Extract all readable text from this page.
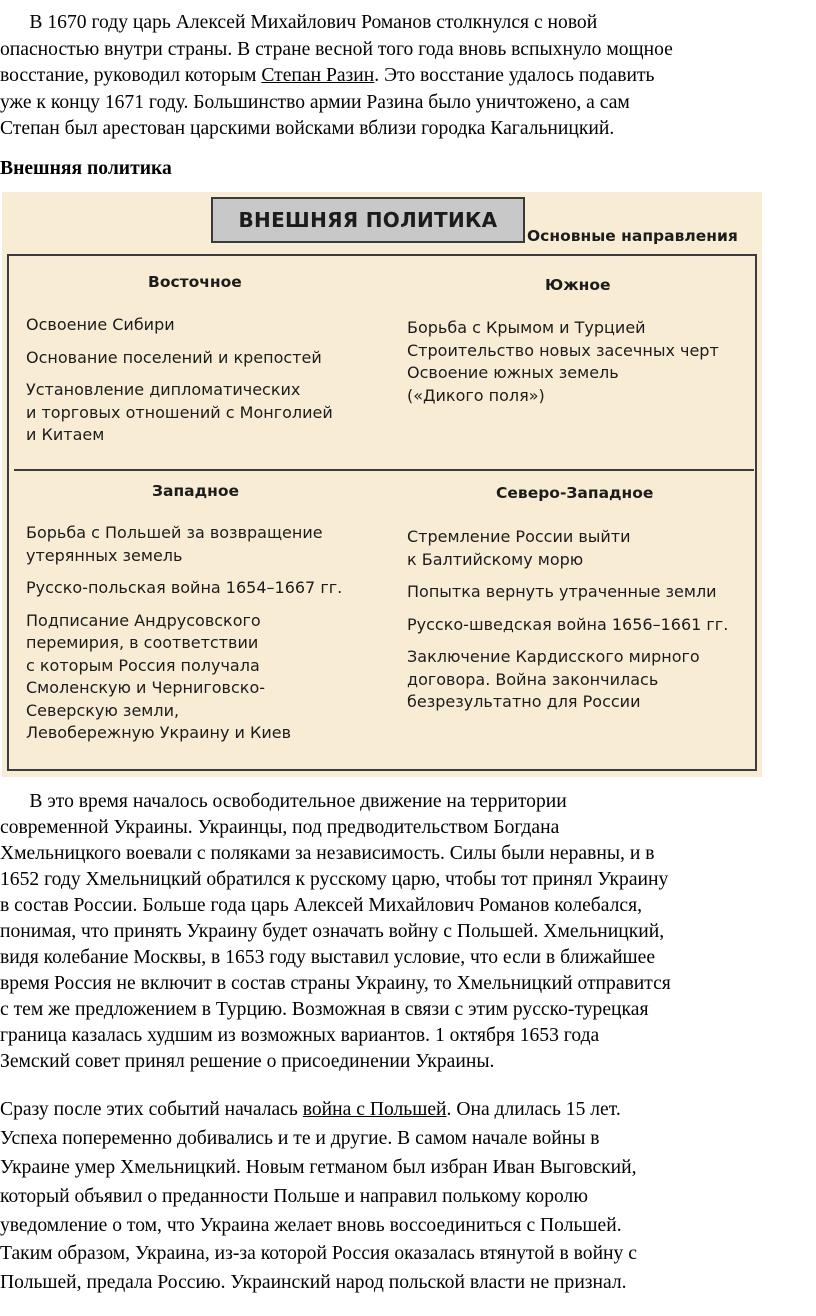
В 1670 году царь Алексей Михайлович Романов столкнулся с новой
опасностью внутри страны. В стране весной того года вновь вспыхнуло мощное
восстание, руководил которым Степан Разин. Это восстание удалось подавить
уже к концу 1671 году. Большинство армии Разина было уничтожено, а сам
Степан был арестован царскими войсками вблизи городка Кагальницкий.
Внешняя политика
ВНЕШНЯЯ ПОЛИТИКА
Основные направления
Восточное
Освоение Сибири
Основание поселений и крепостей
Установление дипломатических
и торговых отношений с Монголией
и Китаем
Южное
Борьба с Крымом и Турцией
Строительство новых засечных черт
Освоение южных земель
(«Дикого поля»)
Западное
Борьба с Польшей за возвращение
утерянных земель
Русско-польская война 1654–1667 гг.
Подписание Андрусовского
перемирия, в соответствии
с которым Россия получала
Смоленскую и Черниговско-
Северскую земли,
Левобережную Украину и Киев
Северо-Западное
Стремление России выйти
к Балтийскому морю
Попытка вернуть утраченные земли
Русско-шведская война 1656–1661 гг.
Заключение Кардисского мирного
договора. Война закончилась
безрезультатно для России
В это время началось освободительное движение на территории
современной Украины. Украинцы, под предводительством Богдана
Хмельницкого воевали с поляками за независимость. Силы были неравны, и в
1652 году Хмельницкий обратился к русскому царю, чтобы тот принял Украину
в состав России. Больше года царь Алексей Михайлович Романов колебался,
понимая, что принять Украину будет означать войну с Польшей. Хмельницкий,
видя колебание Москвы, в 1653 году выставил условие, что если в ближайшее
время Россия не включит в состав страны Украину, то Хмельницкий отправится
с тем же предложением в Турцию. Возможная в связи с этим русско-турецкая
граница казалась худшим из возможных вариантов. 1 октября 1653 года
Земский совет принял решение о присоединении Украины.
Сразу после этих событий началась война с Польшей. Она длилась 15 лет.
Успеха попеременно добивались и те и другие. В самом начале войны в
Украине умер Хмельницкий. Новым гетманом был избран Иван Выговский,
который объявил о преданности Польше и направил полькому королю
уведомление о том, что Украина желает вновь воссоединиться с Польшей.
Таким образом, Украина, из-за которой Россия оказалась втянутой в войну с
Польшей, предала Россию. Украинский народ польской власти не признал.
